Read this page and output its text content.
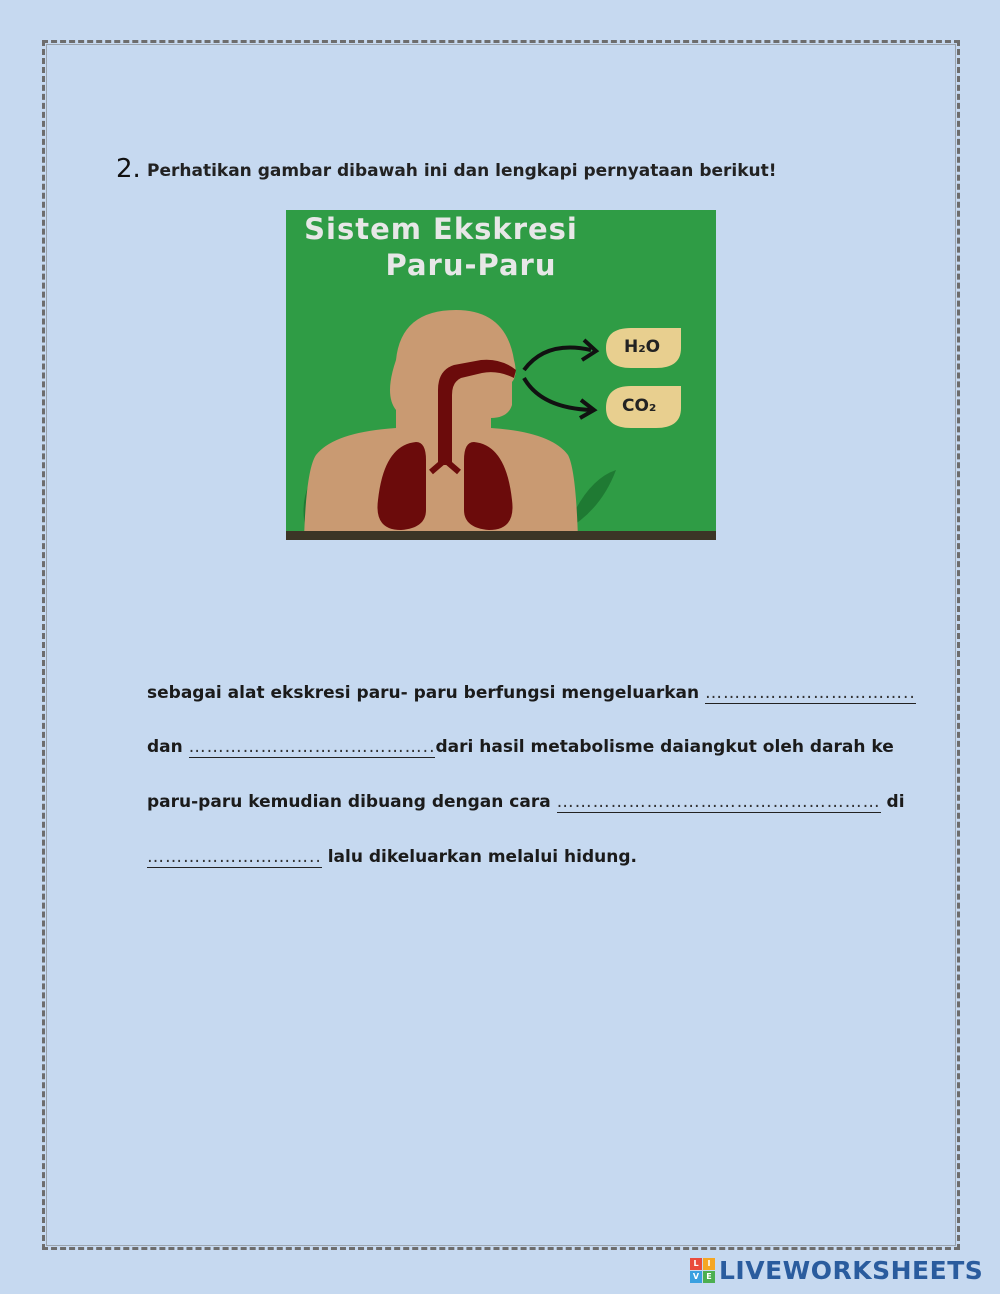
2. Perhatikan gambar dibawah ini dan lengkapi pernyataan berikut!
Sistem Ekskresi
Paru-Paru
H₂O
CO₂
sebagai alat ekskresi paru- paru berfungsi mengeluarkan ……………………………..
dan …………………………………..dari hasil metabolisme daiangkut oleh darah ke
paru-paru kemudian dibuang dengan cara ……………………………………………… di
……………………….. lalu dikeluarkan melalui hidung.
L	I
V E LIVEWORKSHEETS
